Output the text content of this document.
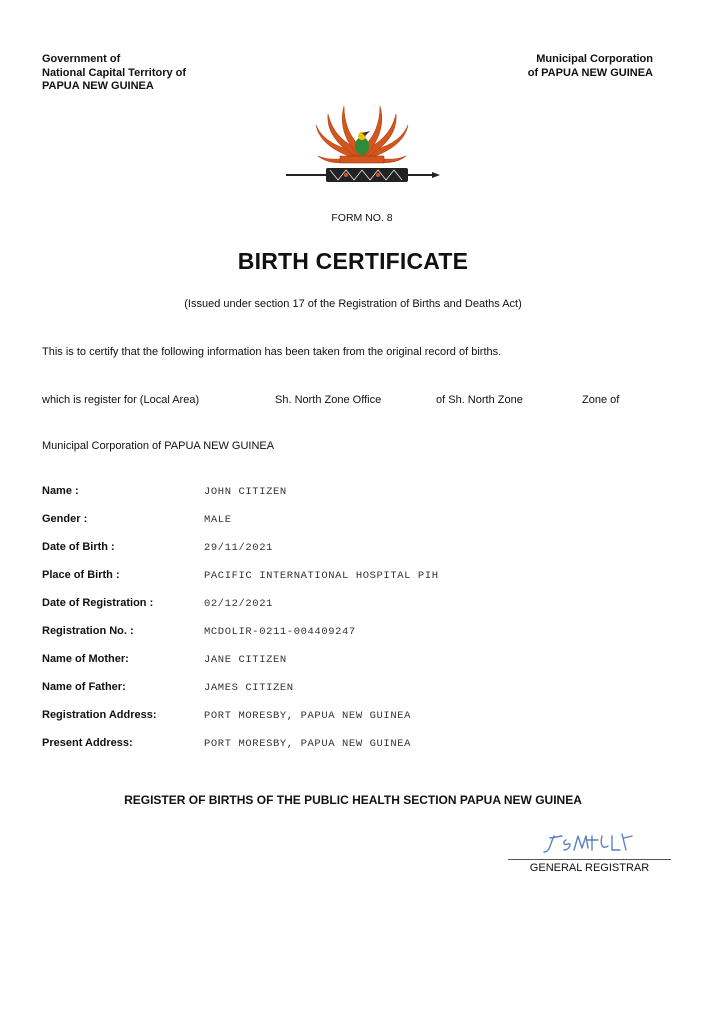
Government of
National Capital Territory of
PAPUA NEW GUINEA
Municipal Corporation
of PAPUA NEW GUINEA
FORM NO. 8
BIRTH CERTIFICATE
(Issued under section 17 of the Registration of Births and Deaths Act)
This is to certify that the following information has been taken from the original record of births.
which is register for (Local Area)	Sh. North Zone Office	of Sh. North Zone	Zone of
Municipal Corporation of PAPUA NEW GUINEA
Name :	JOHN CITIZEN
Gender :	MALE
Date of Birth :	29/11/2021
Place of Birth :	PACIFIC INTERNATIONAL HOSPITAL PIH
Date of Registration :	02/12/2021
Registration No. :	MCDOLIR-0211-004409247
Name of Mother:	JANE CITIZEN
Name of Father:	JAMES CITIZEN
Registration Address:	PORT MORESBY, PAPUA NEW GUINEA
Present Address:	PORT MORESBY, PAPUA NEW GUINEA
REGISTER OF BIRTHS OF THE PUBLIC HEALTH SECTION PAPUA NEW GUINEA
GENERAL REGISTRAR
